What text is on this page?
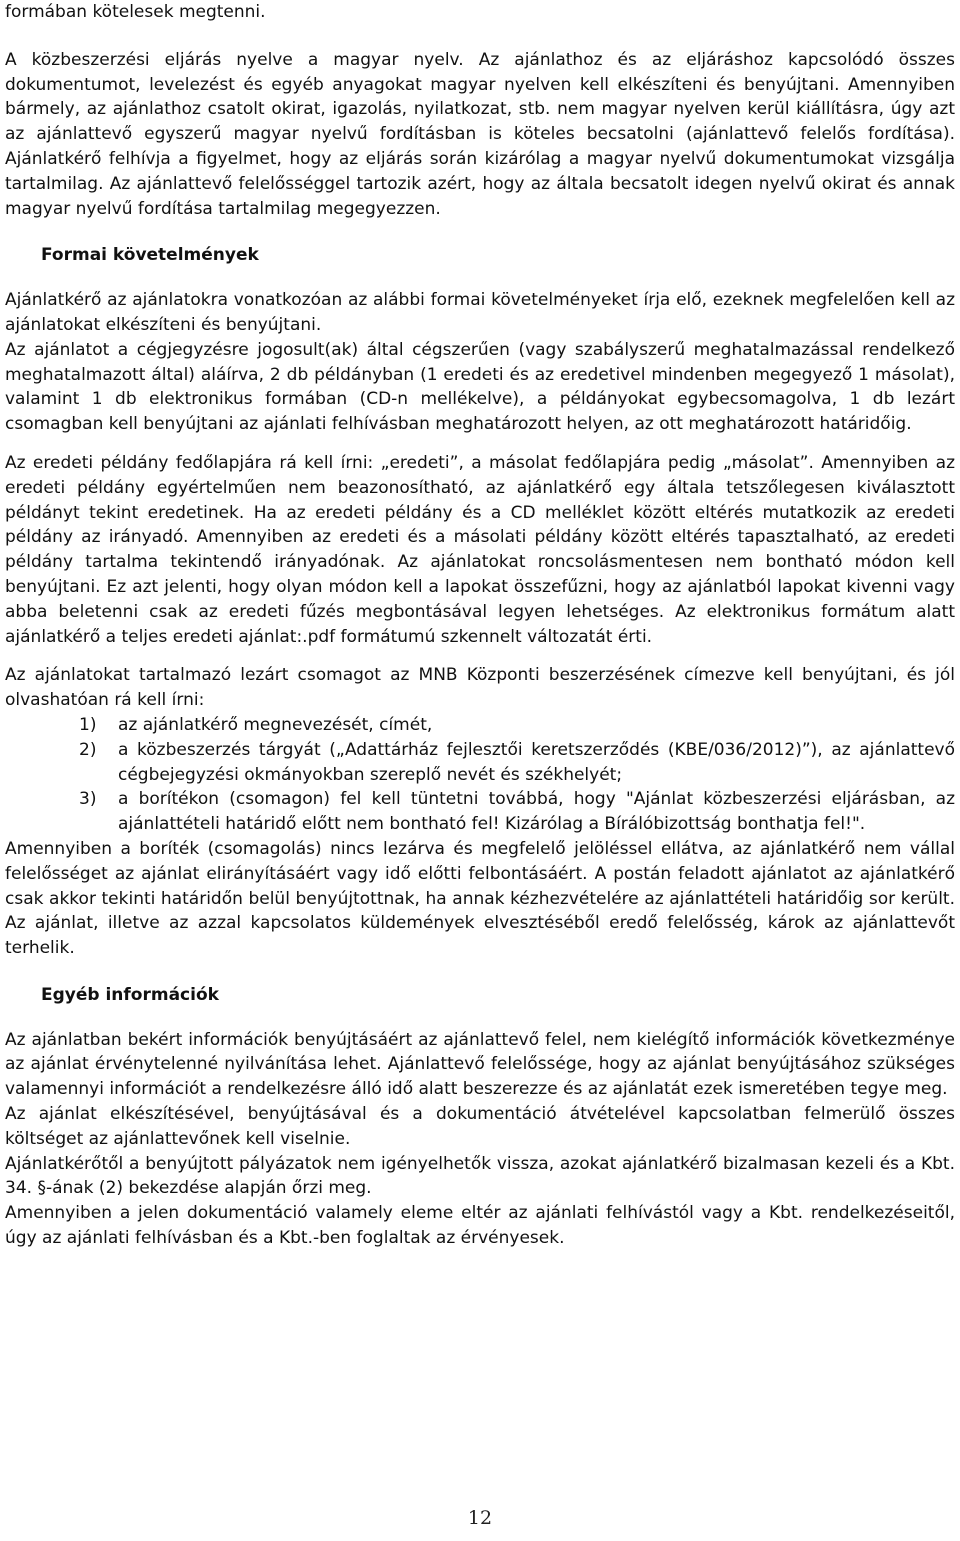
formában kötelesek megtenni.

A közbeszerzési eljárás nyelve a magyar nyelv. Az ajánlathoz és az eljáráshoz kapcsolódó összes dokumentumot, levelezést és egyéb anyagokat magyar nyelven kell elkészíteni és benyújtani. Amennyiben bármely, az ajánlathoz csatolt okirat, igazolás, nyilatkozat, stb. nem magyar nyelven kerül kiállításra, úgy azt az ajánlattevő egyszerű magyar nyelvű fordításban is köteles becsatolni (ajánlattevő felelős fordítása). Ajánlatkérő felhívja a figyelmet, hogy az eljárás során kizárólag a magyar nyelvű dokumentumokat vizsgálja tartalmilag. Az ajánlattevő felelősséggel tartozik azért, hogy az általa becsatolt idegen nyelvű okirat és annak magyar nyelvű fordítása tartalmilag megegyezzen.

Formai követelmények

Ajánlatkérő az ajánlatokra vonatkozóan az alábbi formai követelményeket írja elő, ezeknek megfelelően kell az ajánlatokat elkészíteni és benyújtani.

Az ajánlatot a cégjegyzésre jogosult(ak) által cégszerűen (vagy szabályszerű meghatalmazással rendelkező meghatalmazott által) aláírva, 2 db példányban (1 eredeti és az eredetivel mindenben megegyező 1 másolat), valamint 1 db elektronikus formában (CD-n mellékelve), a példányokat egybecsomagolva, 1 db lezárt csomagban kell benyújtani az ajánlati felhívásban meghatározott helyen, az ott meghatározott határidőig.

Az eredeti példány fedőlapjára rá kell írni: „eredeti”, a másolat fedőlapjára pedig „másolat”. Amennyiben az eredeti példány egyértelműen nem beazonosítható, az ajánlatkérő egy általa tetszőlegesen kiválasztott példányt tekint eredetinek. Ha az eredeti példány és a CD melléklet között eltérés mutatkozik az eredeti példány az irányadó. Amennyiben az eredeti és a másolati példány között eltérés tapasztalható, az eredeti példány tartalma tekintendő irányadónak. Az ajánlatokat roncsolásmentesen nem bontható módon kell benyújtani. Ez azt jelenti, hogy olyan módon kell a lapokat összefűzni, hogy az ajánlatból lapokat kivenni vagy abba beletenni csak az eredeti fűzés megbontásával legyen lehetséges. Az elektronikus formátum alatt ajánlatkérő a teljes eredeti ajánlat:.pdf formátumú szkennelt változatát érti.

Az ajánlatokat tartalmazó lezárt csomagot az MNB Központi beszerzésének címezve kell benyújtani, és jól olvashatóan rá kell írni:

1) az ajánlatkérő megnevezését, címét,
2) a közbeszerzés tárgyát („Adattárház fejlesztői keretszerződés (KBE/036/2012)”), az ajánlattevő cégbejegyzési okmányokban szereplő nevét és székhelyét;
3) a borítékon (csomagon) fel kell tüntetni továbbá, hogy "Ajánlat közbeszerzési eljárásban, az ajánlattételi határidő előtt nem bontható fel! Kizárólag a Bírálóbizottság bonthatja fel!".

Amennyiben a boríték (csomagolás) nincs lezárva és megfelelő jelöléssel ellátva, az ajánlatkérő nem vállal felelősséget az ajánlat elirányításáért vagy idő előtti felbontásáért. A postán feladott ajánlatot az ajánlatkérő csak akkor tekinti határidőn belül benyújtottnak, ha annak kézhezvételére az ajánlattételi határidőig sor került. Az ajánlat, illetve az azzal kapcsolatos küldemények elvesztéséből eredő felelősség, károk az ajánlattevőt terhelik.

Egyéb információk

Az ajánlatban bekért információk benyújtásáért az ajánlattevő felel, nem kielégítő információk következménye az ajánlat érvénytelenné nyilvánítása lehet. Ajánlattevő felelőssége, hogy az ajánlat benyújtásához szükséges valamennyi információt a rendelkezésre álló idő alatt beszerezze és az ajánlatát ezek ismeretében tegye meg.

Az ajánlat elkészítésével, benyújtásával és a dokumentáció átvételével kapcsolatban felmerülő összes költséget az ajánlattevőnek kell viselnie.

Ajánlatkérőtől a benyújtott pályázatok nem igényelhetők vissza, azokat ajánlatkérő bizalmasan kezeli és a Kbt. 34. §-ának (2) bekezdése alapján őrzi meg.

Amennyiben a jelen dokumentáció valamely eleme eltér az ajánlati felhívástól vagy a Kbt. rendelkezéseitől, úgy az ajánlati felhívásban és a Kbt.-ben foglaltak az érvényesek.

12
